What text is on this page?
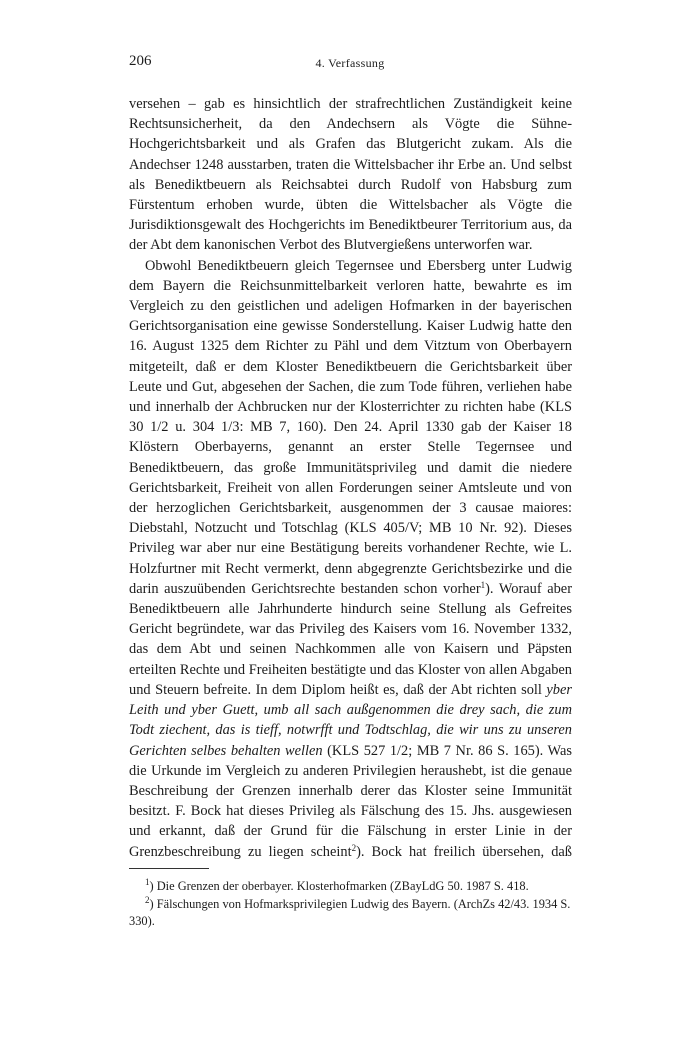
206	4. Verfassung

versehen – gab es hinsichtlich der strafrechtlichen Zuständigkeit keine Rechtsunsicherheit, da den Andechsern als Vögte die Sühne-Hochgerichtsbarkeit und als Grafen das Blutgericht zukam. Als die Andechser 1248 ausstarben, traten die Wittelsbacher ihr Erbe an. Und selbst als Benediktbeuern als Reichsabtei durch Rudolf von Habsburg zum Fürstentum erhoben wurde, übten die Wittelsbacher als Vögte die Jurisdiktionsgewalt des Hochgerichts im Benediktbeurer Territorium aus, da der Abt dem kanonischen Verbot des Blutvergießens unterworfen war.

Obwohl Benediktbeuern gleich Tegernsee und Ebersberg unter Ludwig dem Bayern die Reichsunmittelbarkeit verloren hatte, bewahrte es im Vergleich zu den geistlichen und adeligen Hofmarken in der bayerischen Gerichtsorganisation eine gewisse Sonderstellung. Kaiser Ludwig hatte den 16. August 1325 dem Richter zu Pähl und dem Vitztum von Oberbayern mitgeteilt, daß er dem Kloster Benediktbeuern die Gerichtsbarkeit über Leute und Gut, abgesehen der Sachen, die zum Tode führen, verliehen habe und innerhalb der Achbrucken nur der Klosterrichter zu richten habe (KLS 30 1/2 u. 304 1/3: MB 7, 160). Den 24. April 1330 gab der Kaiser 18 Klöstern Oberbayerns, genannt an erster Stelle Tegernsee und Benediktbeuern, das große Immunitätsprivileg und damit die niedere Gerichtsbarkeit, Freiheit von allen Forderungen seiner Amtsleute und von der herzoglichen Gerichtsbarkeit, ausgenommen der 3 causae maiores: Diebstahl, Notzucht und Totschlag (KLS 405/V; MB 10 Nr. 92). Dieses Privileg war aber nur eine Bestätigung bereits vorhandener Rechte, wie L. Holzfurtner mit Recht vermerkt, denn abgegrenzte Gerichtsbezirke und die darin auszuübenden Gerichtsrechte bestanden schon vorher$^1$). Worauf aber Benediktbeuern alle Jahrhunderte hindurch seine Stellung als Gefreites Gericht begründete, war das Privileg des Kaisers vom 16. November 1332, das dem Abt und seinen Nachkommen alle von Kaisern und Päpsten erteilten Rechte und Freiheiten bestätigte und das Kloster von allen Abgaben und Steuern befreite. In dem Diplom heißt es, daß der Abt richten soll yber Leith und yber Guett, umb all sach außgenommen die drey sach, die zum Todt ziechent, das is tieff, notwrfft und Todtschlag, die wir uns zu unseren Gerichten selbes behalten wellen (KLS 527 1/2; MB 7 Nr. 86 S. 165). Was die Urkunde im Vergleich zu anderen Privilegien heraushebt, ist die genaue Beschreibung der Grenzen innerhalb derer das Kloster seine Immunität besitzt. F. Bock hat dieses Privileg als Fälschung des 15. Jhs. ausgewiesen und erkannt, daß der Grund für die Fälschung in erster Linie in der Grenzbeschreibung zu liegen scheint$^2$). Bock hat freilich übersehen, daß

$^1$) Die Grenzen der oberbayer. Klosterhofmarken (ZBayLdG 50. 1987 S. 418.

$^2$) Fälschungen von Hofmarksprivilegien Ludwig des Bayern. (ArchZs 42/43. 1934 S. 330).
